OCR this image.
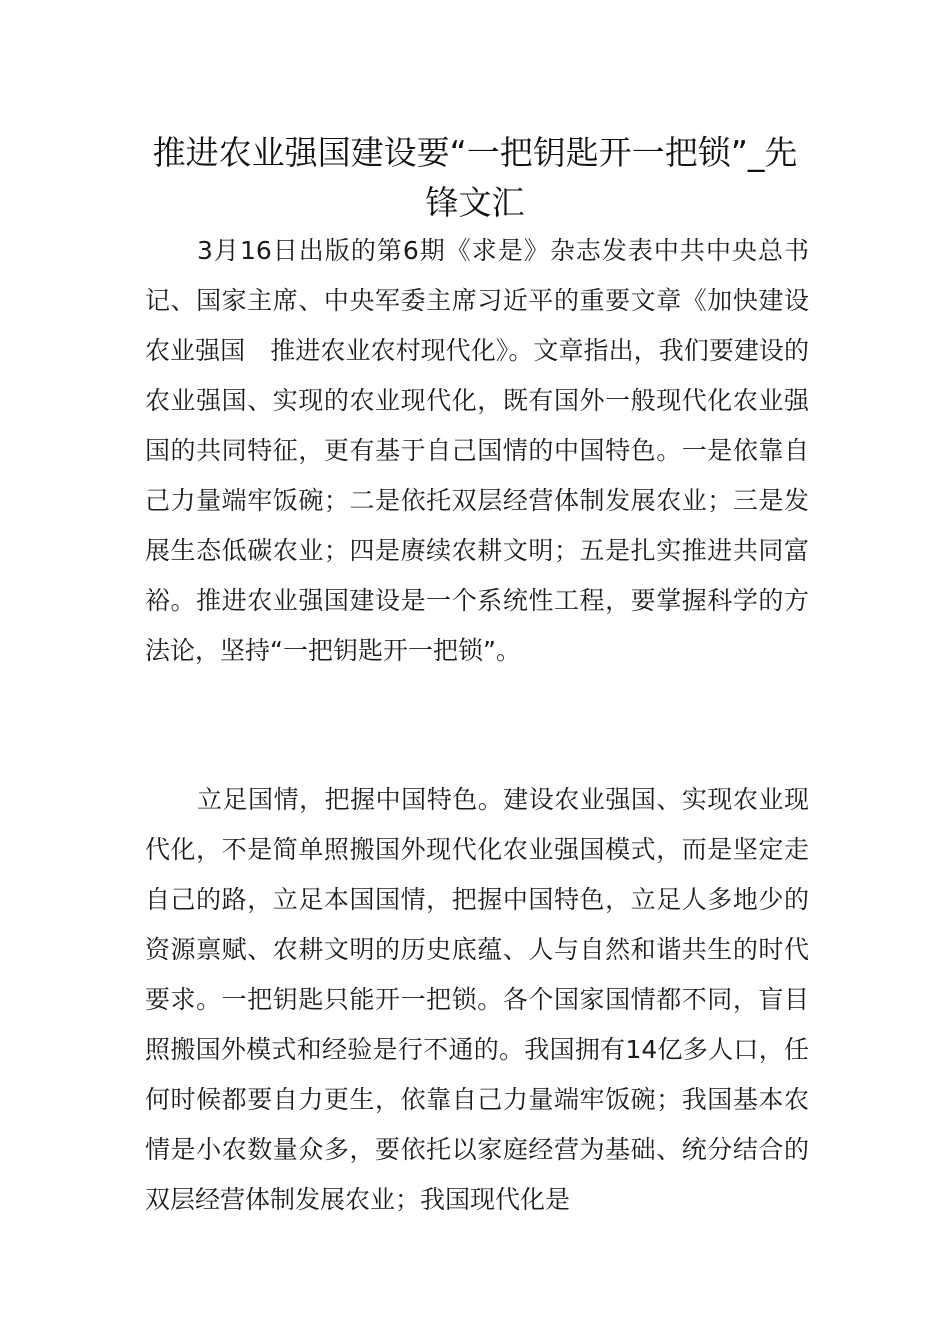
推进农业强国建设要“一把钥匙开一把锁”_先锋文汇

3月16日出版的第6期《求是》杂志发表中共中央总书记、国家主席、中央军委主席习近平的重要文章《加快建设农业强国　推进农业农村现代化》。文章指出，我们要建设的农业强国、实现的农业现代化，既有国外一般现代化农业强国的共同特征，更有基于自己国情的中国特色。一是依靠自己力量端牢饭碗；二是依托双层经营体制发展农业；三是发展生态低碳农业；四是赓续农耕文明；五是扎实推进共同富裕。推进农业强国建设是一个系统性工程，要掌握科学的方法论，坚持“一把钥匙开一把锁”。

立足国情，把握中国特色。建设农业强国、实现农业现代化，不是简单照搬国外现代化农业强国模式，而是坚定走自己的路，立足本国国情，把握中国特色，立足人多地少的资源禀赋、农耕文明的历史底蕴、人与自然和谐共生的时代要求。一把钥匙只能开一把锁。各个国家国情都不同，盲目照搬国外模式和经验是行不通的。我国拥有14亿多人口，任何时候都要自力更生，依靠自己力量端牢饭碗；我国基本农情是小农数量众多，要依托以家庭经营为基础、统分结合的双层经营体制发展农业；我国现代化是
